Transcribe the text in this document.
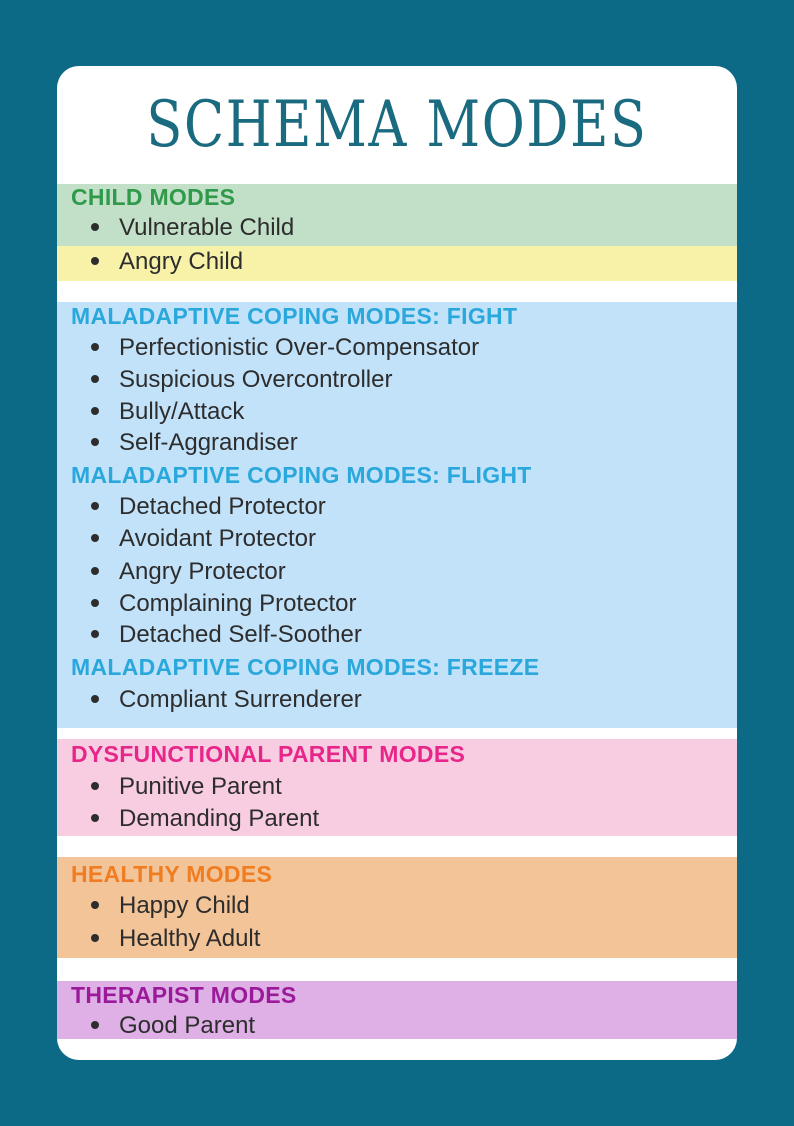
SCHEMA MODES
CHILD MODES
Vulnerable Child
Angry Child
MALADAPTIVE COPING MODES: FIGHT
Perfectionistic Over-Compensator
Suspicious Overcontroller
Bully/Attack
Self-Aggrandiser
MALADAPTIVE COPING MODES: FLIGHT
Detached Protector
Avoidant Protector
Angry Protector
Complaining Protector
Detached Self-Soother
MALADAPTIVE COPING MODES: FREEZE
Compliant Surrenderer
DYSFUNCTIONAL PARENT MODES
Punitive Parent
Demanding Parent
HEALTHY MODES
Happy Child
Healthy Adult
THERAPIST MODES
Good Parent
